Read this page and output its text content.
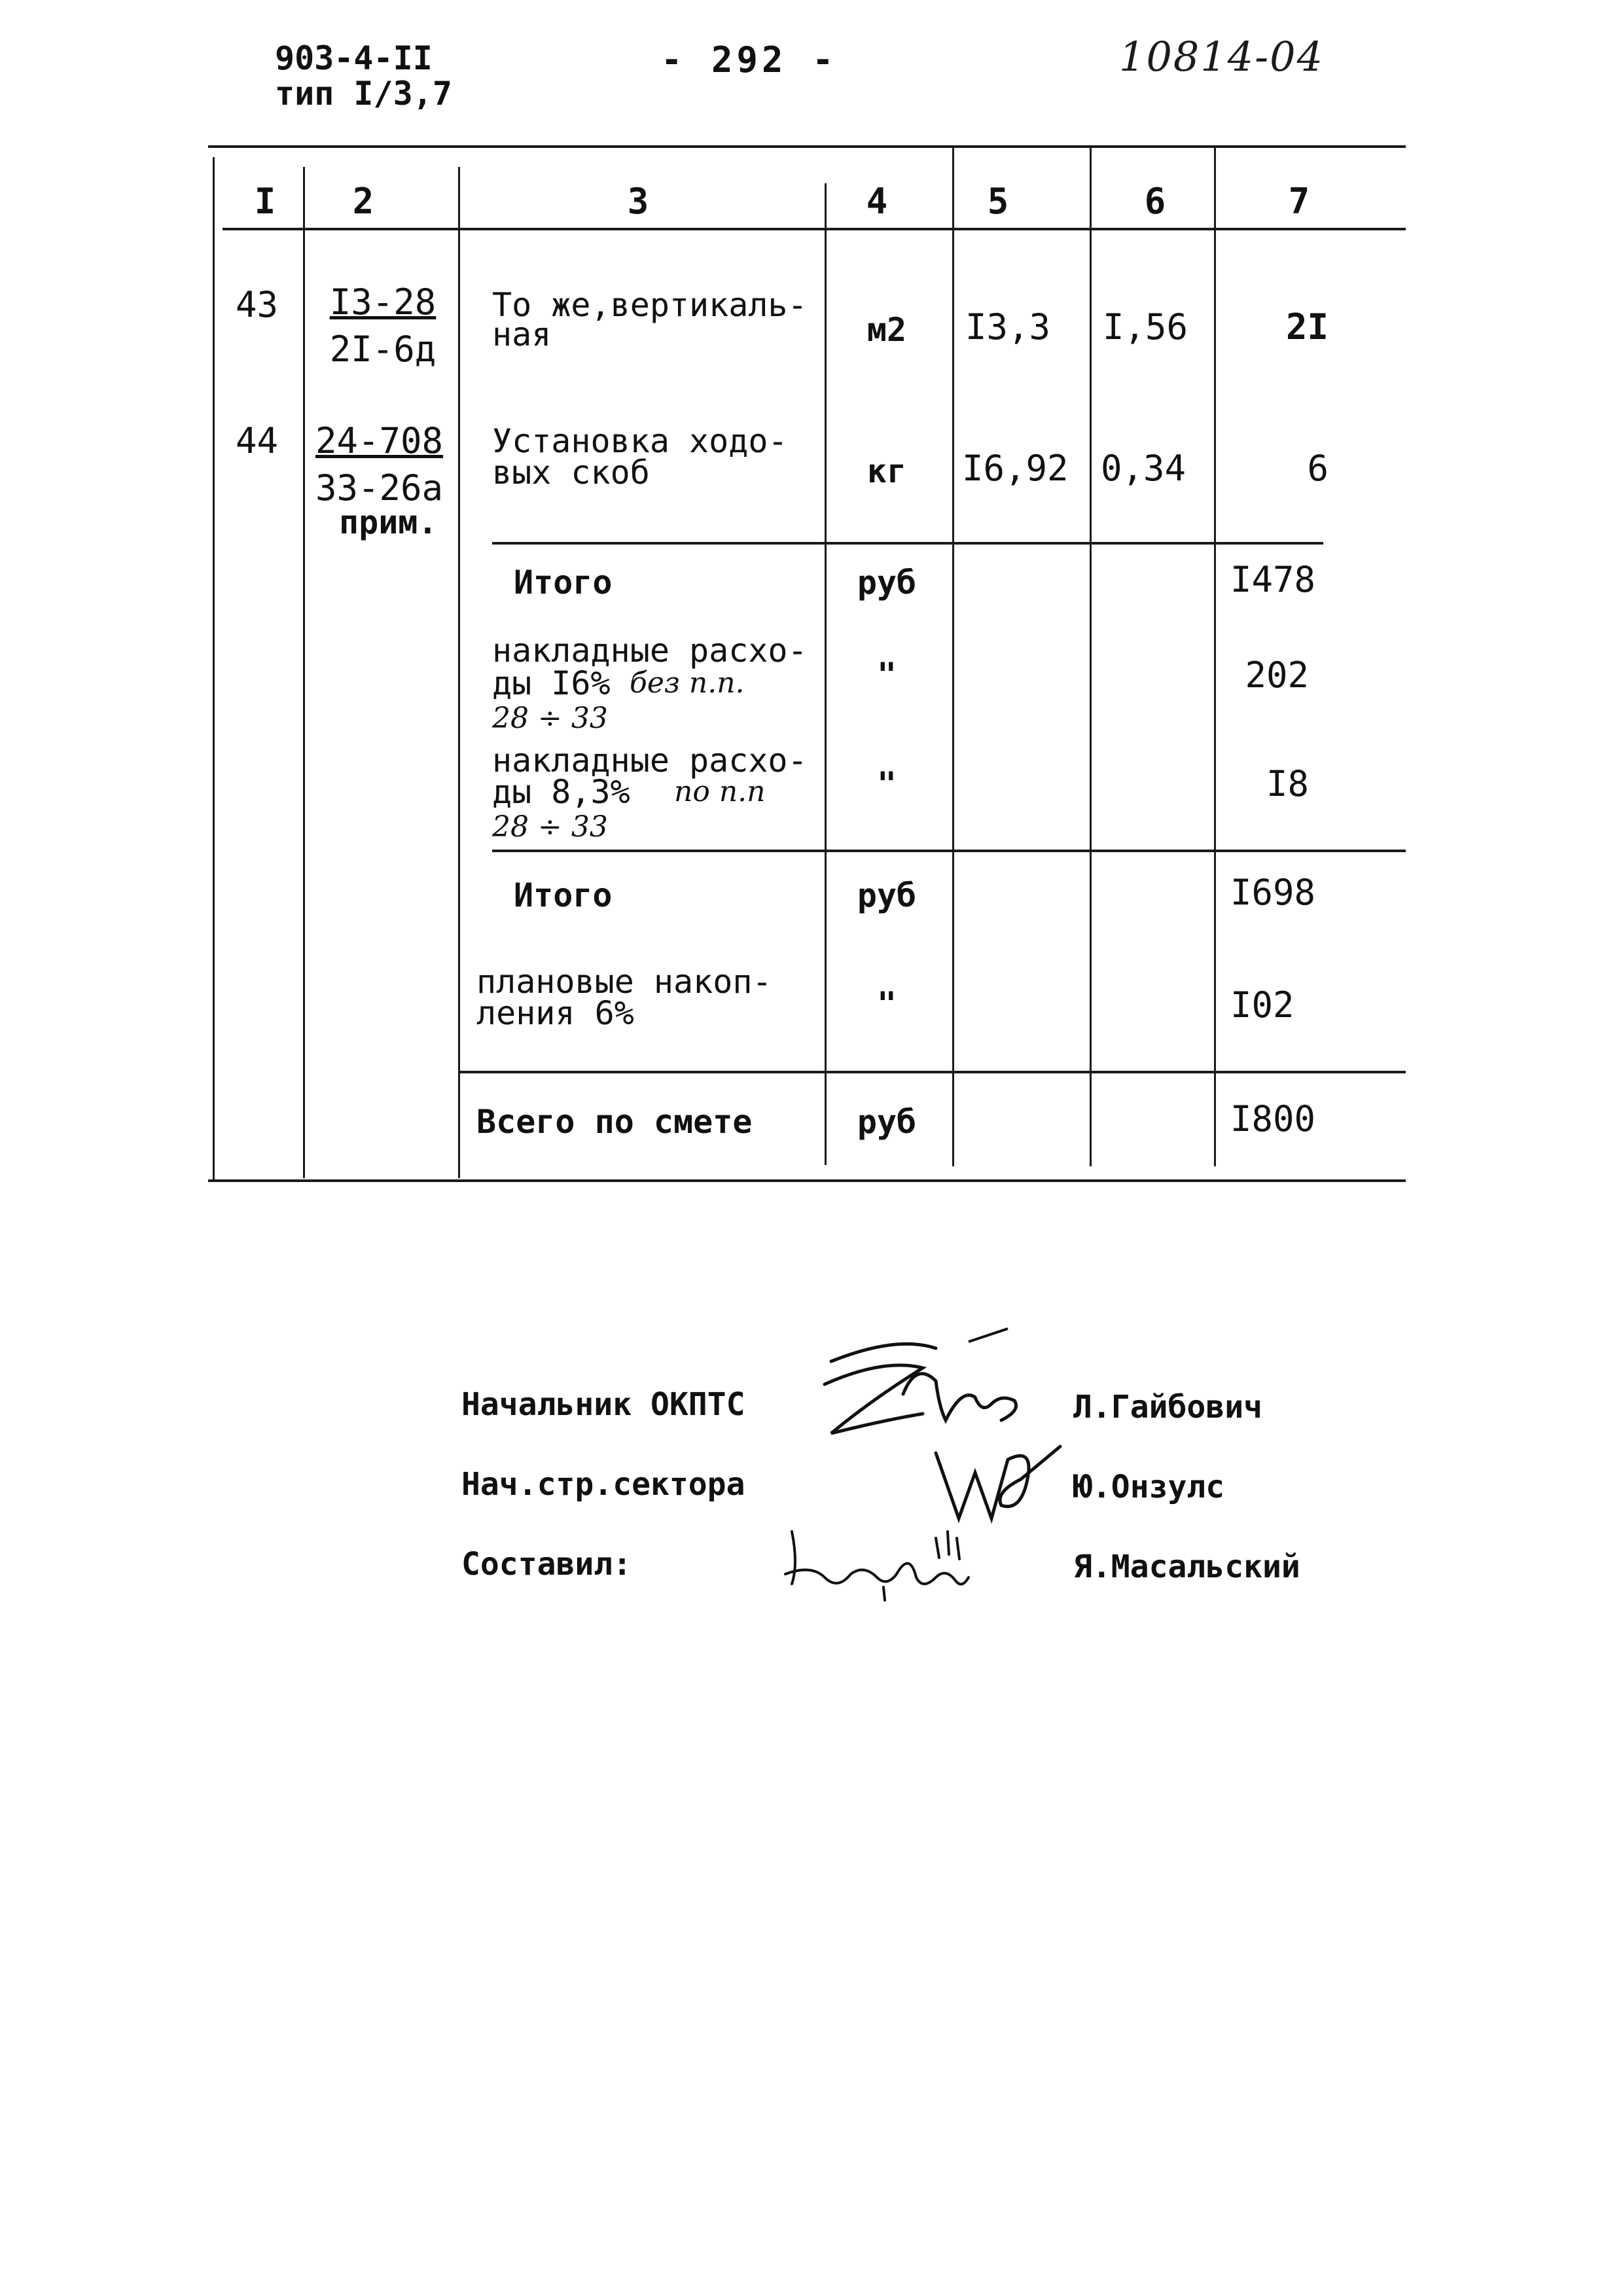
903-4-II
тип I/3,7
- 292 -	10814-04
I	2	3	4	5	6	7
43 I3-28
2I-6д
То же,вертикаль-
ная	м2	I3,3 I,56	2I
44 24-708
33-26а
прим.
Установка ходо-
вых скоб	кг	I6,92 0,34	6
Итого	руб	I478
накладные расхо-
ды I6% без п.п.
28 ÷ 33
"	202
накладные расхо-
ды 8,3% по п.п
28 ÷ 33
"	I8
Итого	руб	I698
плановые накоп-
ления 6%	"	I02
Всего по смете	руб	I800
Начальник ОКПТС
Нач.стр.сектора
Составил:
Л.Гайбович
Ю.Онзулс
Я.Масальский
